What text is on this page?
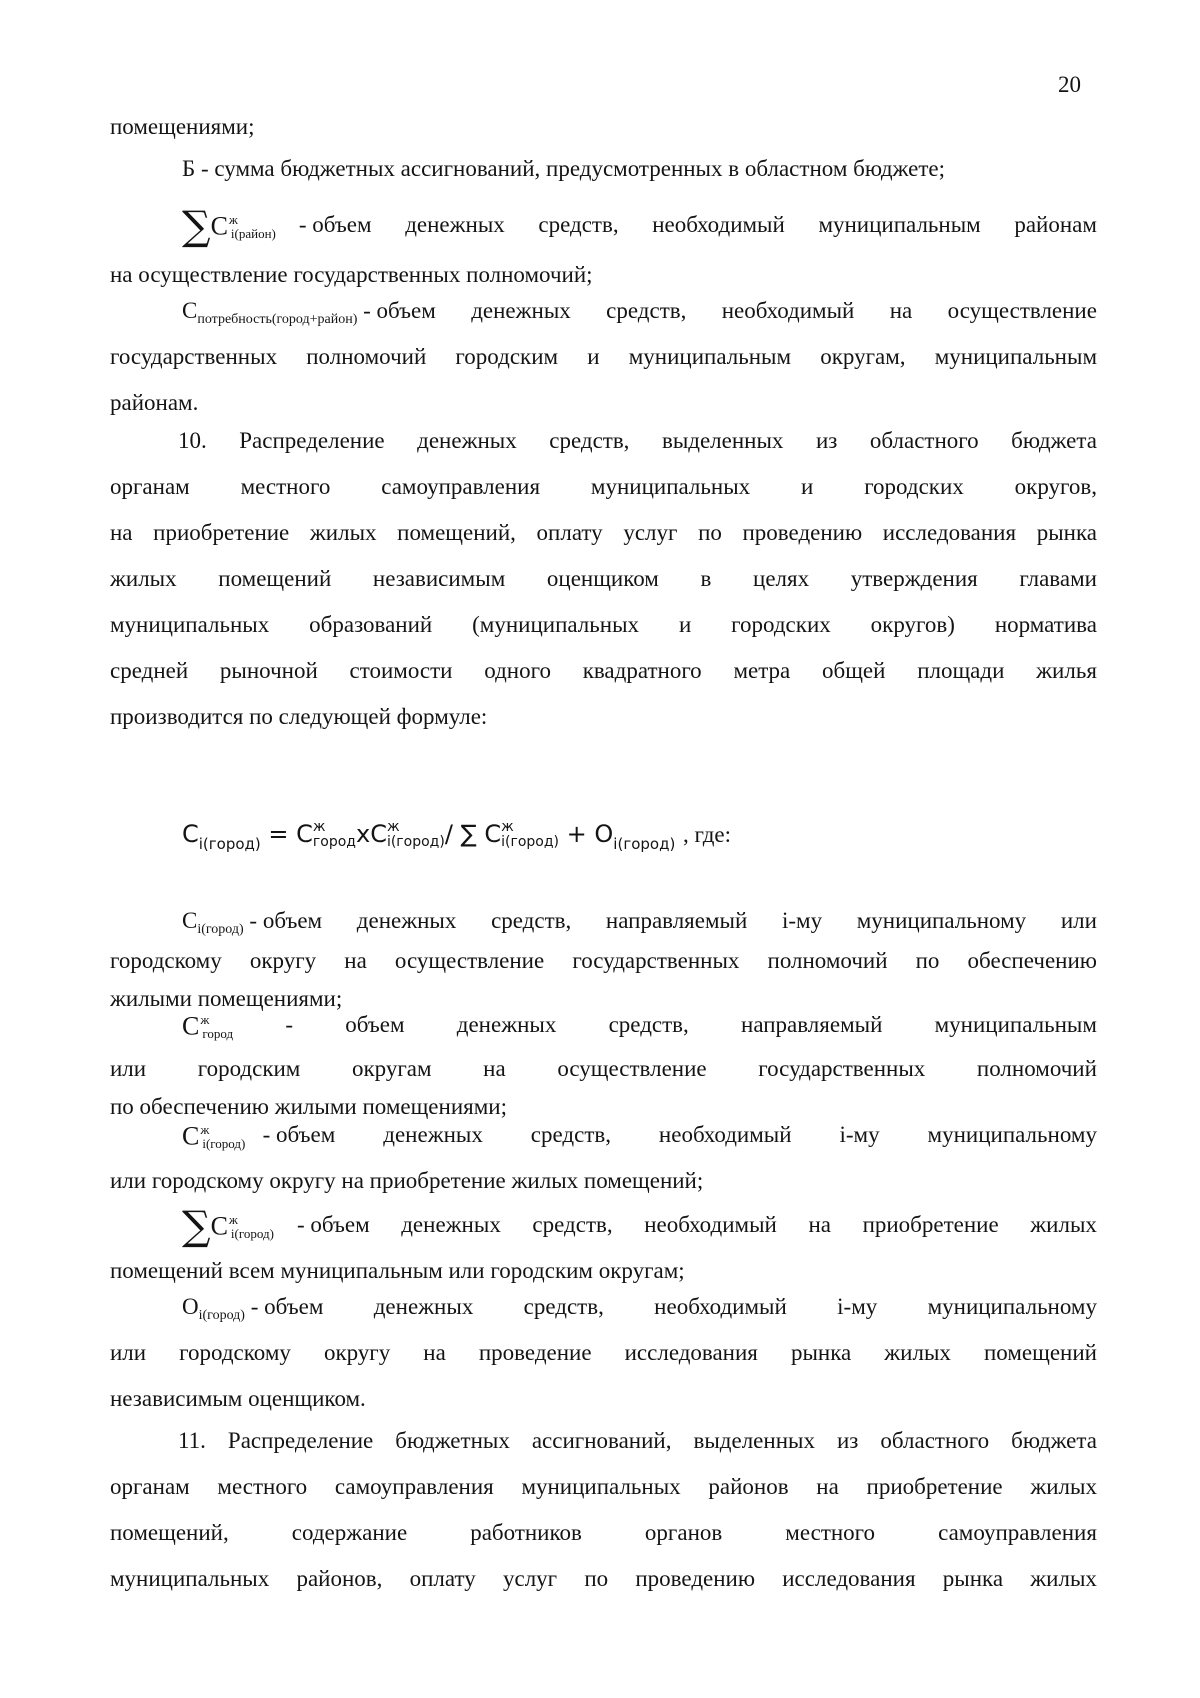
20
помещениями;
Б - сумма бюджетных ассигнований, предусмотренных в областном бюджете;
∑C ж
i(район) - объем денежных средств, необходимый муниципальным районам
на осуществление государственных полномочий;
$C_{потребность(город+район)}$ - объем денежных средств, необходимый на осуществление
государственных полномочий городским и муниципальным округам, муниципальным
районам.
10. Распределение денежных средств, выделенных из областного бюджета
органам местного самоуправления муниципальных и городских округов,
на приобретение жилых помещений, оплату услуг по проведению исследования рынка
жилых помещений независимым оценщиком в целях утверждения главами
муниципальных образований (муниципальных и городских округов) норматива
средней рыночной стоимости одного квадратного метра общей площади жилья
производится по следующей формуле:
$C_{i(город)} = C$ ж
город xC ж
i(город) / ∑ C ж
i(город) + $O_{i(город)}$ , где:
$C_{i(город)}$ - объем денежных средств, направляемый i-му муниципальному или
городскому округу на осуществление государственных полномочий по обеспечению
жилыми помещениями;
C ж
город - объем денежных средств, направляемый муниципальным
или городским округам на осуществление государственных полномочий
по обеспечению жилыми помещениями;
C ж
i(город) - объем денежных средств, необходимый i-му муниципальному
или городскому округу на приобретение жилых помещений;
∑C ж
i(город) - объем денежных средств, необходимый на приобретение жилых
помещений всем муниципальным или городским округам;
$O_{i(город)}$ - объем денежных средств, необходимый i-му муниципальному
или городскому округу на проведение исследования рынка жилых помещений
независимым оценщиком.
11. Распределение бюджетных ассигнований, выделенных из областного бюджета
органам местного самоуправления муниципальных районов на приобретение жилых
помещений,	содержание	работников	органов	местного	самоуправления
муниципальных районов, оплату услуг по проведению исследования рынка жилых
